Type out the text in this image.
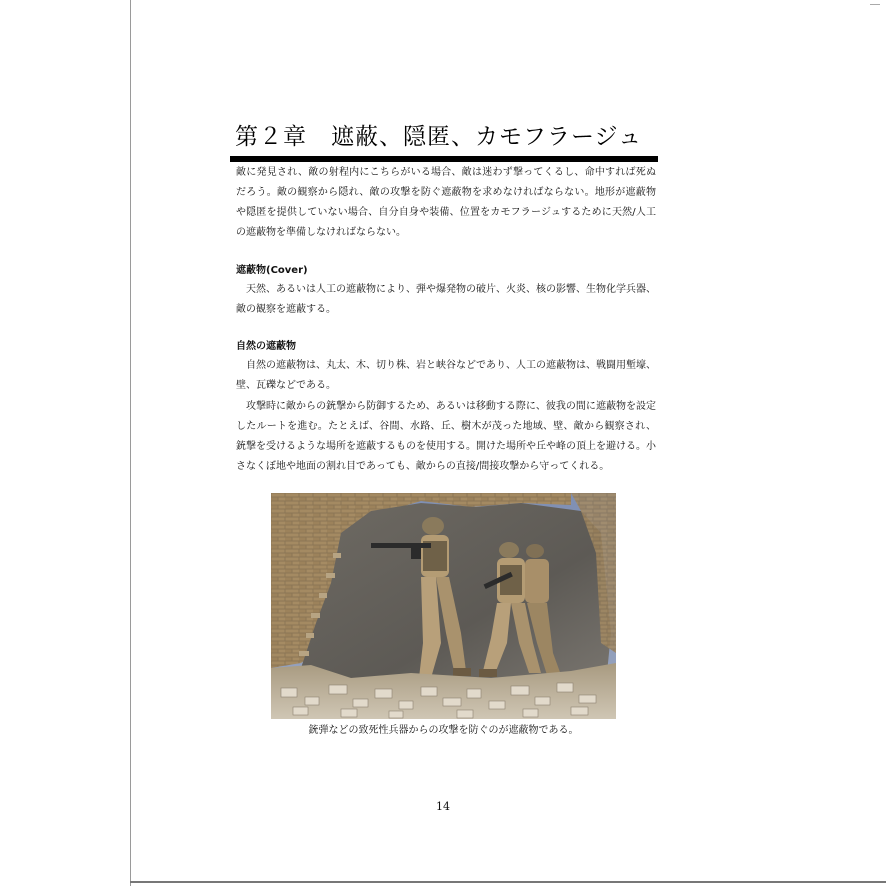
第２章　遮蔽、隠匿、カモフラージュ

敵に発見され、敵の射程内にこちらがいる場合、敵は迷わず撃ってくるし、命中すれば死ぬだろう。敵の観察から隠れ、敵の攻撃を防ぐ遮蔽物を求めなければならない。地形が遮蔽物や隠匿を提供していない場合、自分自身や装備、位置をカモフラージュするために天然/人工の遮蔽物を準備しなければならない。

遮蔽物(Cover)

天然、あるいは人工の遮蔽物により、弾や爆発物の破片、火炎、核の影響、生物化学兵器、敵の観察を遮蔽する。

自然の遮蔽物

自然の遮蔽物は、丸太、木、切り株、岩と峡谷などであり、人工の遮蔽物は、戦闘用塹壕、壁、瓦礫などである。

攻撃時に敵からの銃撃から防御するため、あるいは移動する際に、彼我の間に遮蔽物を設定したルートを進む。たとえば、谷間、水路、丘、樹木が茂った地域、壁、敵から観察され、銃撃を受けるような場所を遮蔽するものを使用する。開けた場所や丘や峰の頂上を避ける。小さなくぼ地や地面の割れ目であっても、敵からの直接/間接攻撃から守ってくれる。

銃弾などの致死性兵器からの攻撃を防ぐのが遮蔽物である。

14
